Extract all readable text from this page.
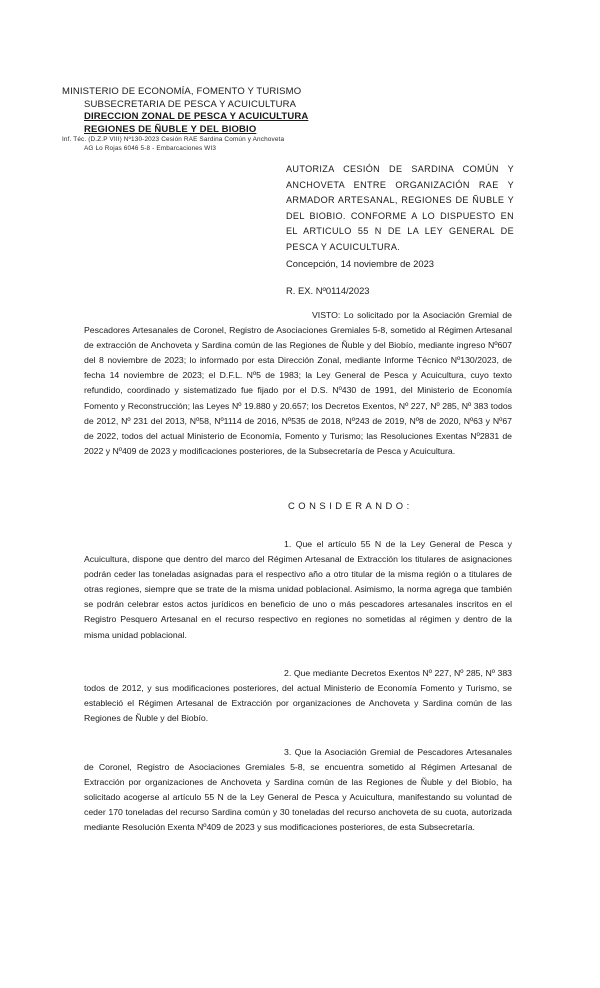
MINISTERIO DE ECONOMÍA, FOMENTO Y TURISMO
SUBSECRETARIA DE PESCA Y ACUICULTURA
DIRECCION ZONAL DE PESCA Y ACUICULTURA
REGIONES DE ÑUBLE Y DEL BIOBIO
Inf. Téc. (D.Z.P VIII) Nº130-2023 Cesión RAE Sardina Común y Anchoveta
AG Lo Rojas 6046 5-8 - Embarcaciones WI3
AUTORIZA CESIÓN DE SARDINA COMÚN Y ANCHOVETA ENTRE ORGANIZACIÓN RAE Y ARMADOR ARTESANAL, REGIONES DE ÑUBLE Y DEL BIOBIO. CONFORME A LO DISPUESTO EN EL ARTICULO 55 N DE LA LEY GENERAL DE PESCA Y ACUICULTURA.
Concepción, 14 noviembre de 2023
R. EX. Nº0114/2023
VISTO: Lo solicitado por la Asociación Gremial de Pescadores Artesanales de Coronel, Registro de Asociaciones Gremiales 5-8, sometido al Régimen Artesanal de extracción de Anchoveta y Sardina común de las Regiones de Ñuble y del Biobío, mediante ingreso Nº607 del 8 noviembre de 2023; lo informado por esta Dirección Zonal, mediante Informe Técnico Nº130/2023, de fecha 14 noviembre de 2023; el D.F.L. Nº5 de 1983; la Ley General de Pesca y Acuicultura, cuyo texto refundido, coordinado y sistematizado fue fijado por el D.S. Nº430 de 1991, del Ministerio de Economía Fomento y Reconstrucción; las Leyes Nº 19.880 y 20.657; los Decretos Exentos, Nº 227, Nº 285, Nº 383 todos de 2012, Nº 231 del 2013, Nº58, Nº1114 de 2016, Nº535 de 2018, Nº243 de 2019, Nº8 de 2020, Nº63 y Nº67 de 2022, todos del actual Ministerio de Economía, Fomento y Turismo; las Resoluciones Exentas Nº2831 de 2022 y Nº409 de 2023 y modificaciones posteriores, de la Subsecretaría de Pesca y Acuicultura.
CONSIDERANDO:
1. Que el artículo 55 N de la Ley General de Pesca y Acuicultura, dispone que dentro del marco del Régimen Artesanal de Extracción los titulares de asignaciones podrán ceder las toneladas asignadas para el respectivo año a otro titular de la misma región o a titulares de otras regiones, siempre que se trate de la misma unidad poblacional. Asimismo, la norma agrega que también se podrán celebrar estos actos jurídicos en beneficio de uno o más pescadores artesanales inscritos en el Registro Pesquero Artesanal en el recurso respectivo en regiones no sometidas al régimen y dentro de la misma unidad poblacional.
2. Que mediante Decretos Exentos Nº 227, Nº 285, Nº 383 todos de 2012, y sus modificaciones posteriores, del actual Ministerio de Economía Fomento y Turismo, se estableció el Régimen Artesanal de Extracción por organizaciones de Anchoveta y Sardina común de las Regiones de Ñuble y del Biobío.
3. Que la Asociación Gremial de Pescadores Artesanales de Coronel, Registro de Asociaciones Gremiales 5-8, se encuentra sometido al Régimen Artesanal de Extracción por organizaciones de Anchoveta y Sardina común de las Regiones de Ñuble y del Biobío, ha solicitado acogerse al artículo 55 N de la Ley General de Pesca y Acuicultura, manifestando su voluntad de ceder 170 toneladas del recurso Sardina común y 30 toneladas del recurso anchoveta de su cuota, autorizada mediante Resolución Exenta Nº409 de 2023 y sus modificaciones posteriores, de esta Subsecretaría.
